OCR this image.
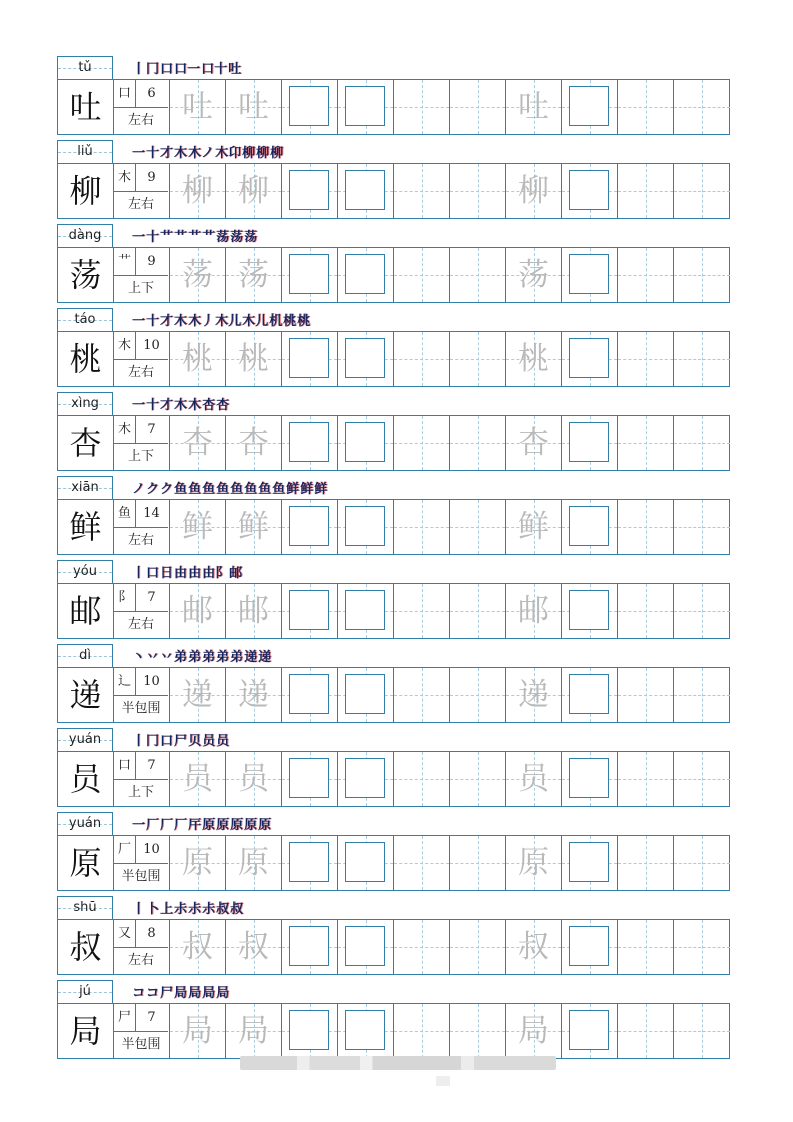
tǔ	丨冂口口一口十吐
吐	口	6
左右 吐 吐	吐
liǔ	一十才木木ノ木卬柳柳柳
柳	木	9
左右 柳 柳	柳
dàng	一十艹艹艹艹荡荡荡
荡	艹	9
上下 荡 荡	荡
táo	一十才木木丿木儿木儿机桃桃
桃	木 10
左右 桃 桃	桃
xìng	一十才木木杏杏
杏	木	7
上下 杏 杏	杏
xiān	ノクク鱼鱼鱼鱼鱼鱼鱼鱼鲜鲜鲜
鲜	鱼 14
左右 鲜 鲜	鲜
yóu	丨口日由由由阝邮
邮	阝	7
左右 邮 邮	邮
dì	丶丷丷弟弟弟弟弟递递
递	辶 10
半包围 递 递	递
yuán	丨冂口尸贝员员
员	口	7
上下 员 员	员
yuán	一厂厂厂厈原原原原原
原	厂 10
半包围 原 原	原
shū	丨卜上尗尗尗叔叔
叔	又	8
左右 叔 叔	叔
jú	ココ尸局局局局
局	尸	7
半包围 局 局	局
